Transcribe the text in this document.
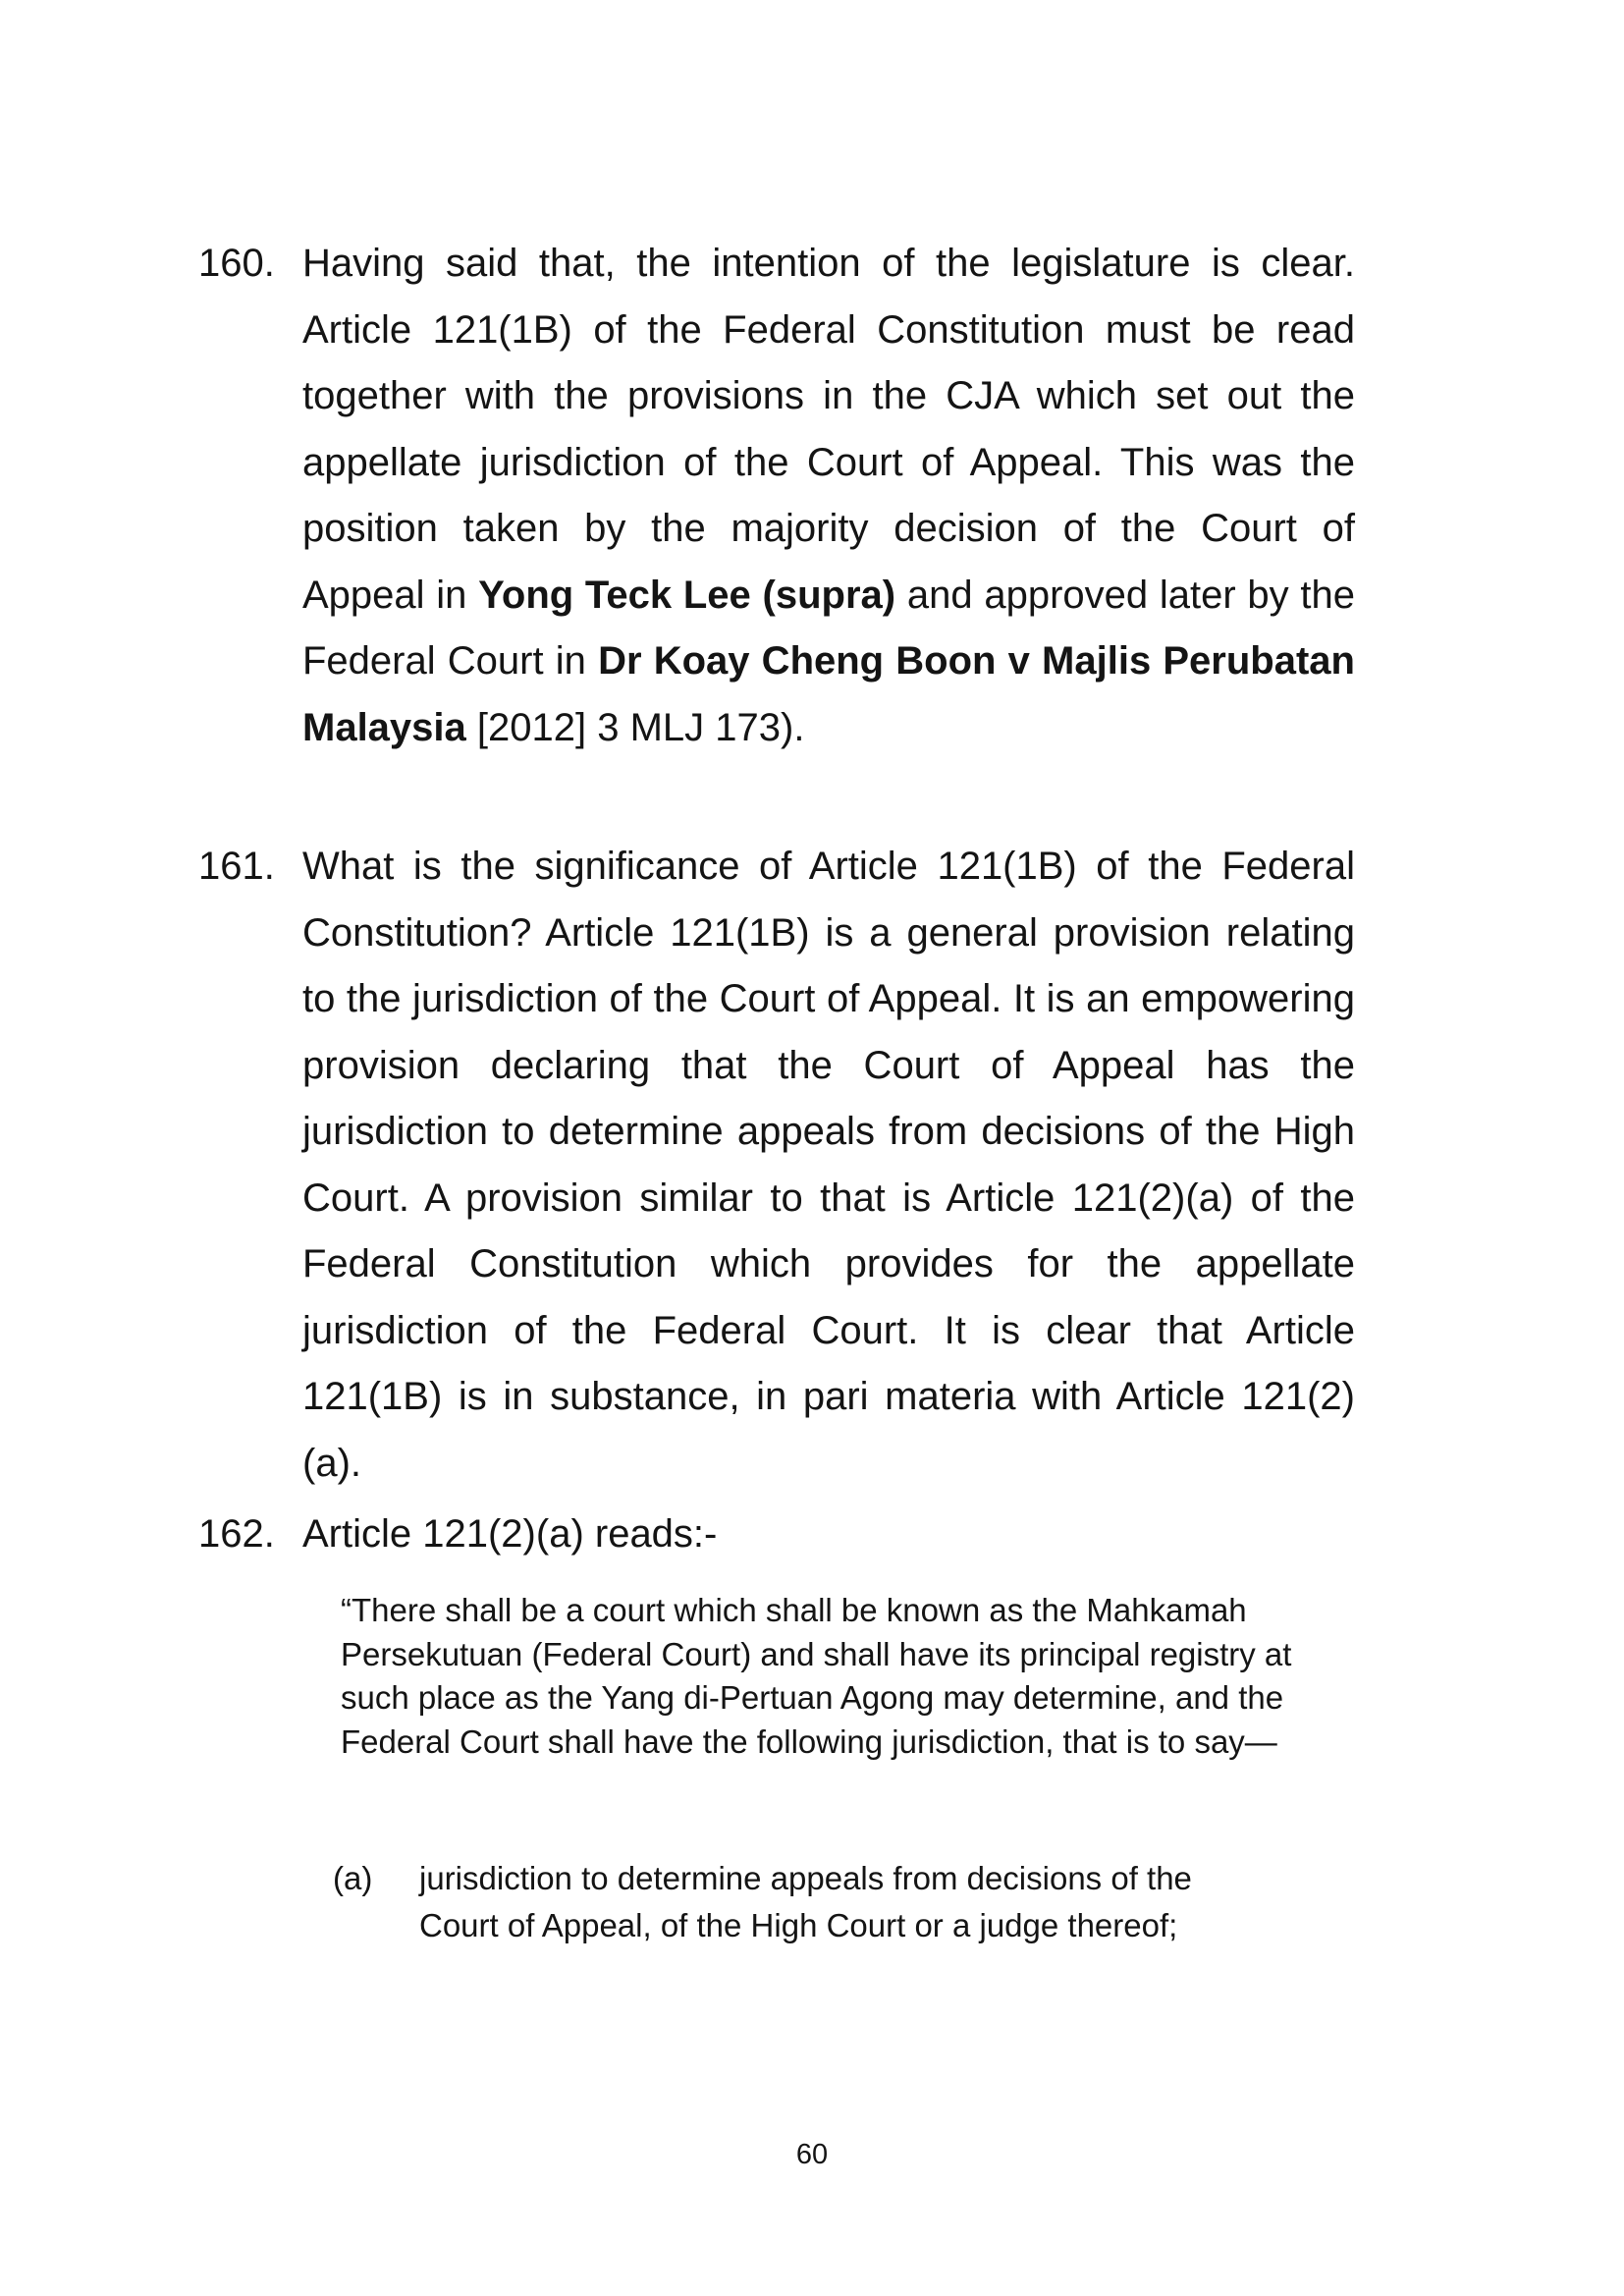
160. Having said that, the intention of the legislature is clear. Article 121(1B) of the Federal Constitution must be read together with the provisions in the CJA which set out the appellate jurisdiction of the Court of Appeal. This was the position taken by the majority decision of the Court of Appeal in Yong Teck Lee (supra) and approved later by the Federal Court in Dr Koay Cheng Boon v Majlis Perubatan Malaysia [2012] 3 MLJ 173).
161. What is the significance of Article 121(1B) of the Federal Constitution? Article 121(1B) is a general provision relating to the jurisdiction of the Court of Appeal. It is an empowering provision declaring that the Court of Appeal has the jurisdiction to determine appeals from decisions of the High Court. A provision similar to that is Article 121(2)(a) of the Federal Constitution which provides for the appellate jurisdiction of the Federal Court. It is clear that Article 121(1B) is in substance, in pari materia with Article 121(2)(a).
162. Article 121(2)(a) reads:-
“There shall be a court which shall be known as the Mahkamah Persekutuan (Federal Court) and shall have its principal registry at such place as the Yang di-Pertuan Agong may determine, and the Federal Court shall have the following jurisdiction, that is to say—
(a) jurisdiction to determine appeals from decisions of the Court of Appeal, of the High Court or a judge thereof;
60
